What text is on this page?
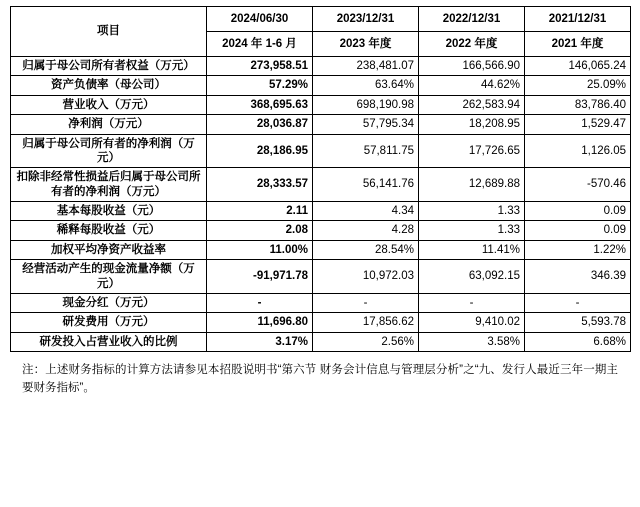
项目	2024/06/30	2023/12/31	2022/12/31	2021/12/31
	2024 年 1-6 月	2023 年度	2022 年度	2021 年度
归属于母公司所有者权益（万元）	273,958.51	238,481.07	166,566.90	146,065.24
资产负债率（母公司）	57.29%	63.64%	44.62%	25.09%
营业收入（万元）	368,695.63	698,190.98	262,583.94	83,786.40
净利润（万元）	28,036.87	57,795.34	18,208.95	1,529.47
归属于母公司所有者的净利润（万元）	28,186.95	57,811.75	17,726.65	1,126.05
扣除非经常性损益后归属于母公司所有者的净利润（万元）	28,333.57	56,141.76	12,689.88	-570.46
基本每股收益（元）	2.11	4.34	1.33	0.09
稀释每股收益（元）	2.08	4.28	1.33	0.09
加权平均净资产收益率	11.00%	28.54%	11.41%	1.22%
经营活动产生的现金流量净额（万元）	-91,971.78	10,972.03	63,092.15	346.39
现金分红（万元）	-	-	-	-
研发费用（万元）	11,696.80	17,856.62	9,410.02	5,593.78
研发投入占营业收入的比例	3.17%	2.56%	3.58%	6.68%
注：上述财务指标的计算方法请参见本招股说明书“第六节 财务会计信息与管理层分析”之“九、发行人最近三年一期主要财务指标”。
